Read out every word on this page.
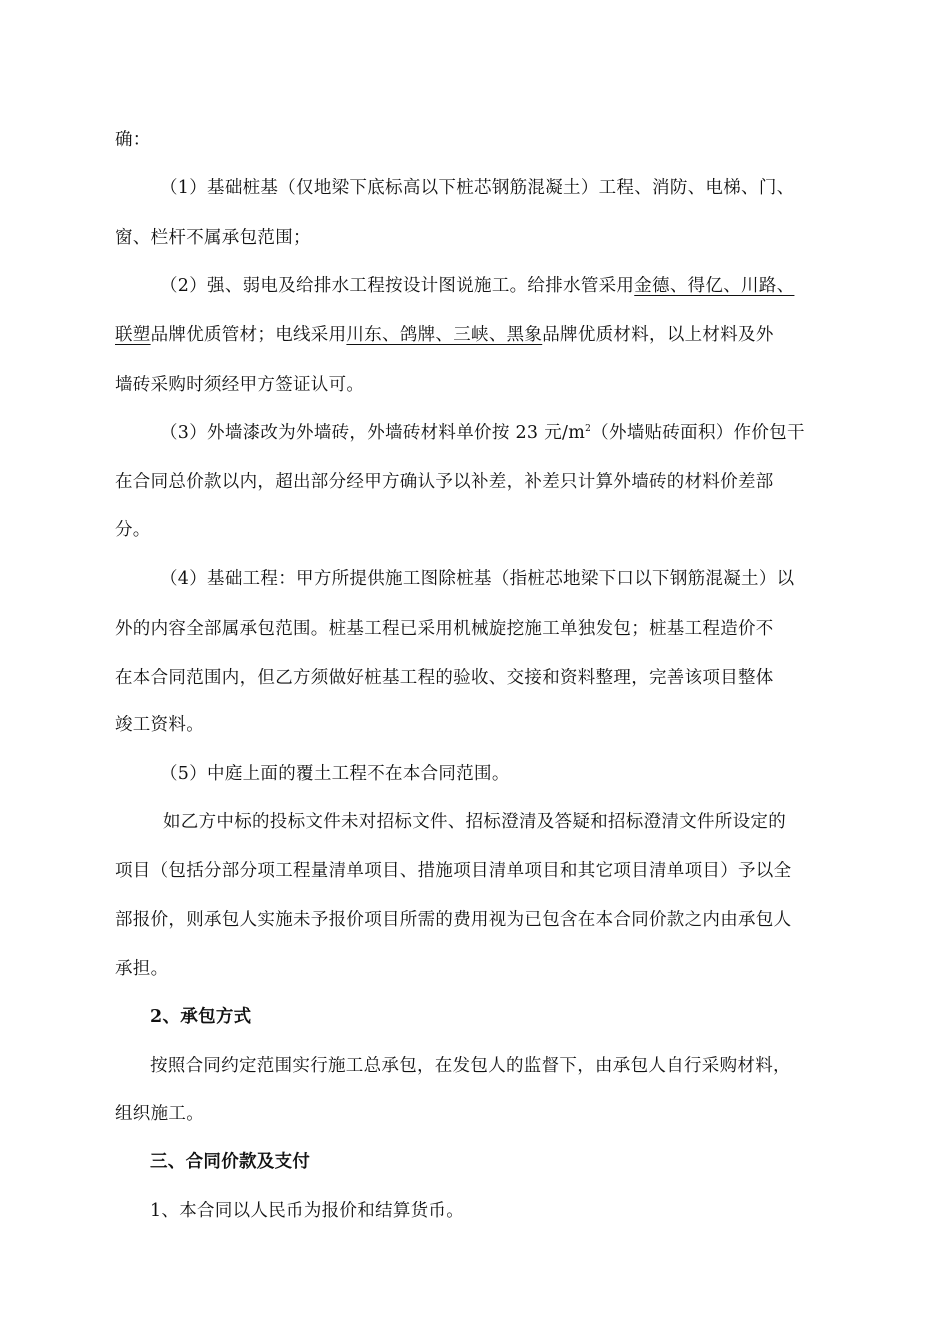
确：
（1）基础桩基（仅地梁下底标高以下桩芯钢筋混凝土）工程、消防、电梯、门、
窗、栏杆不属承包范围；
（2）强、弱电及给排水工程按设计图说施工。给排水管采用金德、得亿、川路、
联塑品牌优质管材；电线采用川东、鸽牌、三峡、黑象品牌优质材料，以上材料及外
墙砖采购时须经甲方签证认可。
（3）外墙漆改为外墙砖，外墙砖材料单价按 23 元$/m^2$（外墙贴砖面积）作价包干
在合同总价款以内，超出部分经甲方确认予以补差，补差只计算外墙砖的材料价差部
分。
（4）基础工程：甲方所提供施工图除桩基（指桩芯地梁下口以下钢筋混凝土）以
外的内容全部属承包范围。桩基工程已采用机械旋挖施工单独发包；桩基工程造价不
在本合同范围内，但乙方须做好桩基工程的验收、交接和资料整理，完善该项目整体
竣工资料。
（5）中庭上面的覆土工程不在本合同范围。
如乙方中标的投标文件未对招标文件、招标澄清及答疑和招标澄清文件所设定的
项目（包括分部分项工程量清单项目、措施项目清单项目和其它项目清单项目）予以全
部报价，则承包人实施未予报价项目所需的费用视为已包含在本合同价款之内由承包人
承担。
2、承包方式
按照合同约定范围实行施工总承包，在发包人的监督下，由承包人自行采购材料，
组织施工。
三、合同价款及支付
1、本合同以人民币为报价和结算货币。
